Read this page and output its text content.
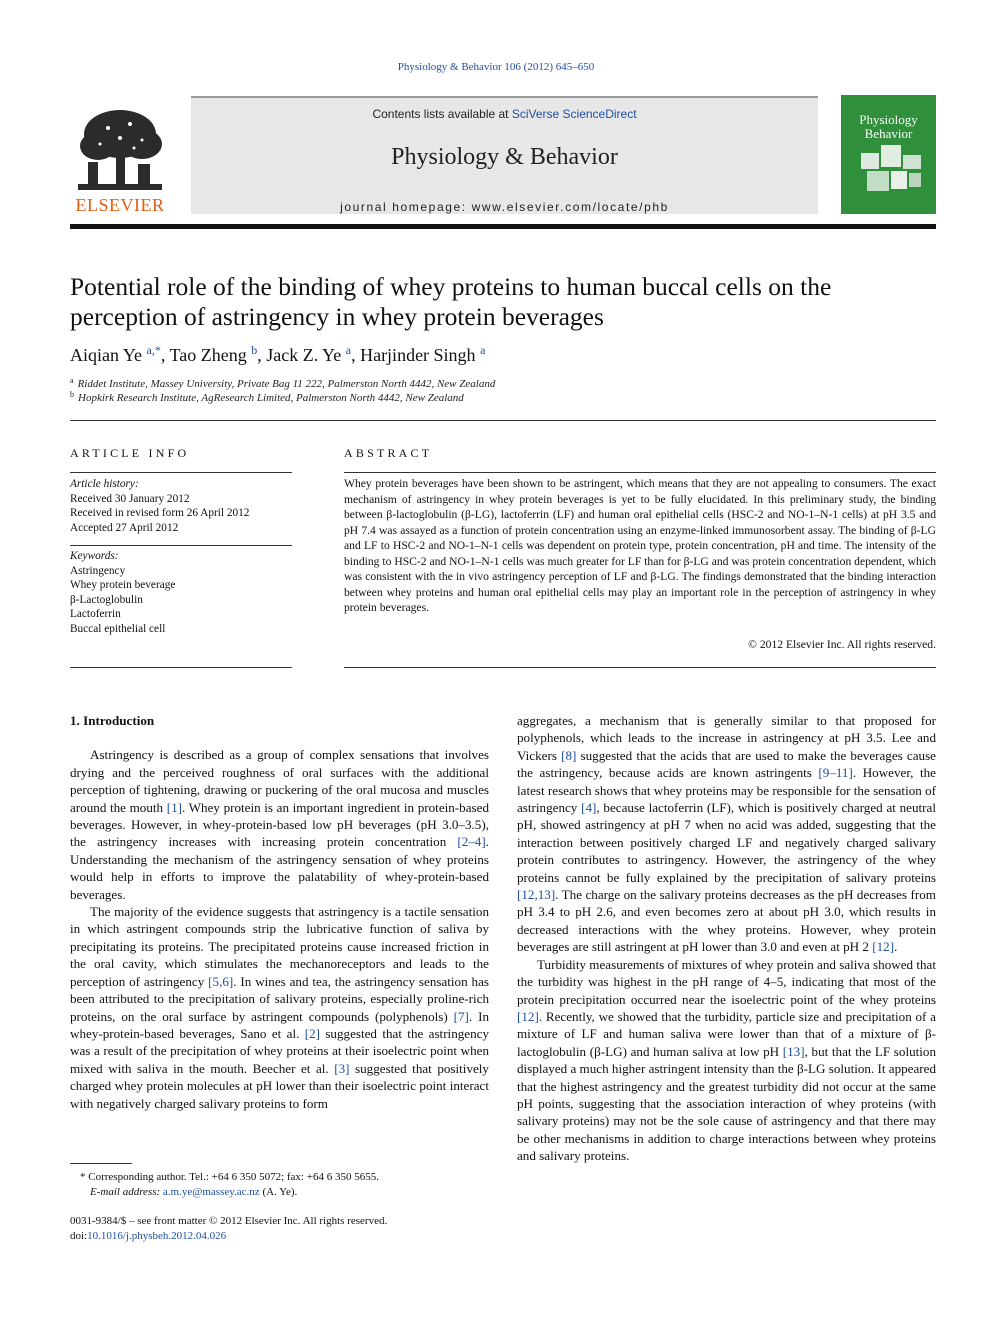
Physiology & Behavior 106 (2012) 645–650
ELSEVIER
Contents lists available at SciVerse ScienceDirect
Physiology & Behavior
journal homepage: www.elsevier.com/locate/phb
Physiology
Behavior
Potential role of the binding of whey proteins to human buccal cells on the perception of astringency in whey protein beverages
Aiqian Ye $^{a,*}$, Tao Zheng $^b$, Jack Z. Ye $^a$, Harjinder Singh $^a$
$^a$ Riddet Institute, Massey University, Private Bag 11 222, Palmerston North 4442, New Zealand
$^b$ Hopkirk Research Institute, AgResearch Limited, Palmerston North 4442, New Zealand
ARTICLE INFO
Article history:
Received 30 January 2012
Received in revised form 26 April 2012
Accepted 27 April 2012
Keywords:
Astringency
Whey protein beverage
β-Lactoglobulin
Lactoferrin
Buccal epithelial cell
ABSTRACT
Whey protein beverages have been shown to be astringent, which means that they are not appealing to consumers. The exact mechanism of astringency in whey protein beverages is yet to be fully elucidated. In this preliminary study, the binding between β-lactoglobulin (β-LG), lactoferrin (LF) and human oral epithelial cells (HSC-2 and NO-1–N-1 cells) at pH 3.5 and pH 7.4 was assayed as a function of protein concentration using an enzyme-linked immunosorbent assay. The binding of β-LG and LF to HSC-2 and NO-1–N-1 cells was dependent on protein type, protein concentration, pH and time. The intensity of the binding to HSC-2 and NO-1–N-1 cells was much greater for LF than for β-LG and was protein concentration dependent, which was consistent with the in vivo astringency perception of LF and β-LG. The findings demonstrated that the binding interaction between whey proteins and human oral epithelial cells may play an important role in the perception of astringency in whey protein beverages.
© 2012 Elsevier Inc. All rights reserved.
1. Introduction

Astringency is described as a group of complex sensations that involves drying and the perceived roughness of oral surfaces with the additional perception of tightening, drawing or puckering of the oral mucosa and muscles around the mouth [1]. Whey protein is an important ingredient in protein-based beverages. However, in whey-protein-based low pH beverages (pH 3.0–3.5), the astringency increases with increasing protein concentration [2–4]. Understanding the mechanism of the astringency sensation of whey proteins would help in efforts to improve the palatability of whey-protein-based beverages.

The majority of the evidence suggests that astringency is a tactile sensation in which astringent compounds strip the lubricative function of saliva by precipitating its proteins. The precipitated proteins cause increased friction in the oral cavity, which stimulates the mechanoreceptors and leads to the perception of astringency [5,6]. In wines and tea, the astringency sensation has been attributed to the precipitation of salivary proteins, especially proline-rich proteins, on the oral surface by astringent compounds (polyphenols) [7]. In whey-protein-based beverages, Sano et al. [2] suggested that the astringency was a result of the precipitation of whey proteins at their isoelectric point when mixed with saliva in the mouth. Beecher et al. [3] suggested that positively charged whey protein molecules at pH lower than their isoelectric point interact with negatively charged salivary proteins to form

aggregates, a mechanism that is generally similar to that proposed for polyphenols, which leads to the increase in astringency at pH 3.5. Lee and Vickers [8] suggested that the acids that are used to make the beverages cause the astringency, because acids are known astringents [9–11]. However, the latest research shows that whey proteins may be responsible for the sensation of astringency [4], because lactoferrin (LF), which is positively charged at neutral pH, showed astringency at pH 7 when no acid was added, suggesting that the interaction between positively charged LF and negatively charged salivary protein contributes to astringency. However, the astringency of the whey proteins cannot be fully explained by the precipitation of salivary proteins [12,13]. The charge on the salivary proteins decreases as the pH decreases from pH 3.4 to pH 2.6, and even becomes zero at about pH 3.0, which results in decreased interactions with the whey proteins. However, whey protein beverages are still astringent at pH lower than 3.0 and even at pH 2 [12].

Turbidity measurements of mixtures of whey protein and saliva showed that the turbidity was highest in the pH range of 4–5, indicating that most of the protein precipitation occurred near the isoelectric point of the whey proteins [12]. Recently, we showed that the turbidity, particle size and precipitation of a mixture of LF and human saliva were lower than that of a mixture of β-lactoglobulin (β-LG) and human saliva at low pH [13], but that the LF solution displayed a much higher astringent intensity than the β-LG solution. It appeared that the highest astringency and the greatest turbidity did not occur at the same pH points, suggesting that the association interaction of whey proteins (with salivary proteins) may not be the sole cause of astringency and that there may be other mechanisms in addition to charge interactions between whey proteins and salivary proteins.

* Corresponding author. Tel.: +64 6 350 5072; fax: +64 6 350 5655.
E-mail address: a.m.ye@massey.ac.nz (A. Ye).
0031-9384/$ – see front matter © 2012 Elsevier Inc. All rights reserved.
doi:10.1016/j.physbeh.2012.04.026
